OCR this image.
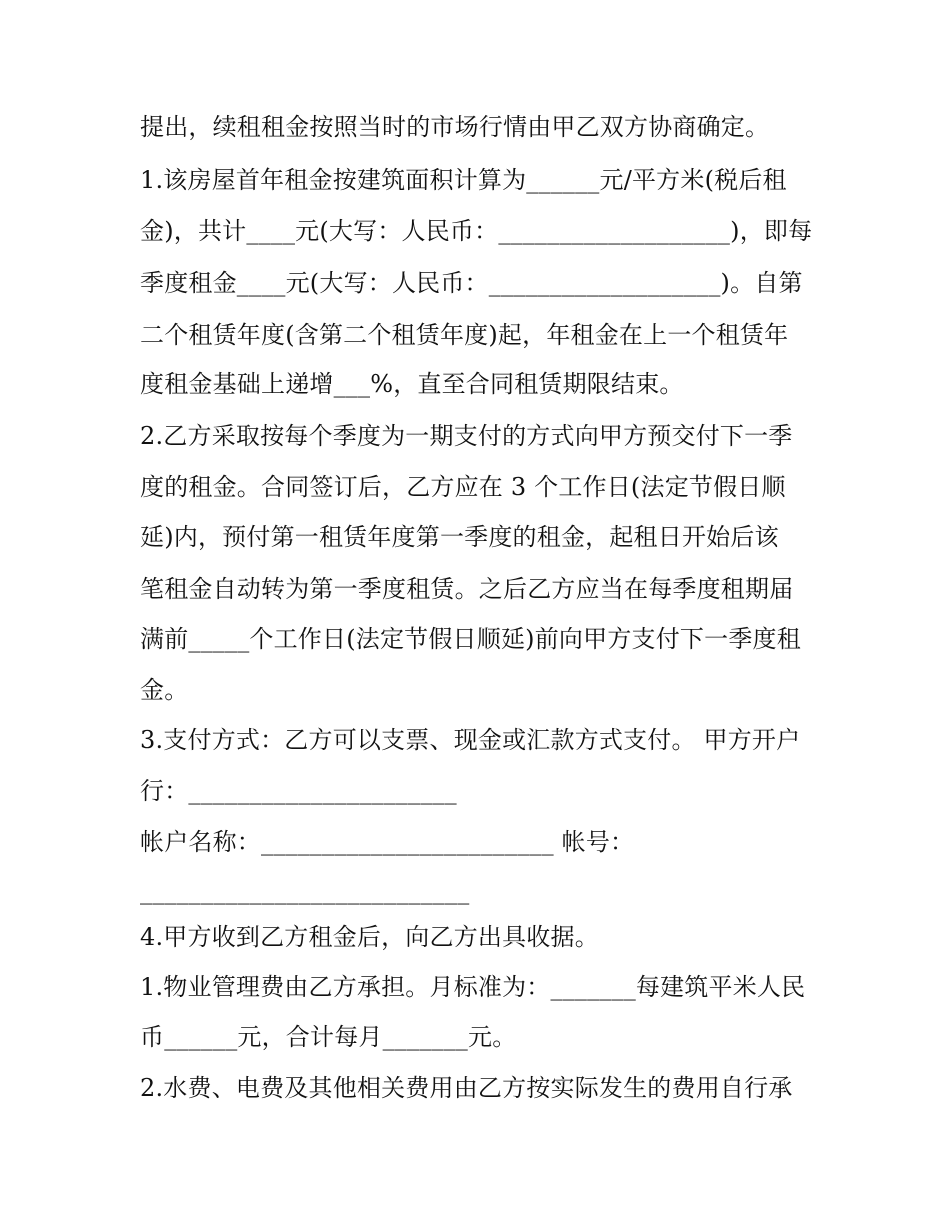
提出，续租租金按照当时的市场行情由甲乙双方协商确定。

1.该房屋首年租金按建筑面积计算为______元/平方米(税后租

金)，共计____元(大写：人民币：___________________)，即每

季度租金____元(大写：人民币：___________________)。自第

二个租赁年度(含第二个租赁年度)起，年租金在上一个租赁年

度租金基础上递增___%，直至合同租赁期限结束。

2.乙方采取按每个季度为一期支付的方式向甲方预交付下一季

度的租金。合同签订后，乙方应在 3 个工作日(法定节假日顺

延)内，预付第一租赁年度第一季度的租金，起租日开始后该

笔租金自动转为第一季度租赁。之后乙方应当在每季度租期届

满前_____个工作日(法定节假日顺延)前向甲方支付下一季度租

金。

3.支付方式：乙方可以支票、现金或汇款方式支付。 甲方开户

行：______________________

帐户名称：________________________ 帐号：

___________________________

4.甲方收到乙方租金后，向乙方出具收据。

1.物业管理费由乙方承担。月标准为：_______每建筑平米人民

币______元，合计每月_______元。

2.水费、电费及其他相关费用由乙方按实际发生的费用自行承
